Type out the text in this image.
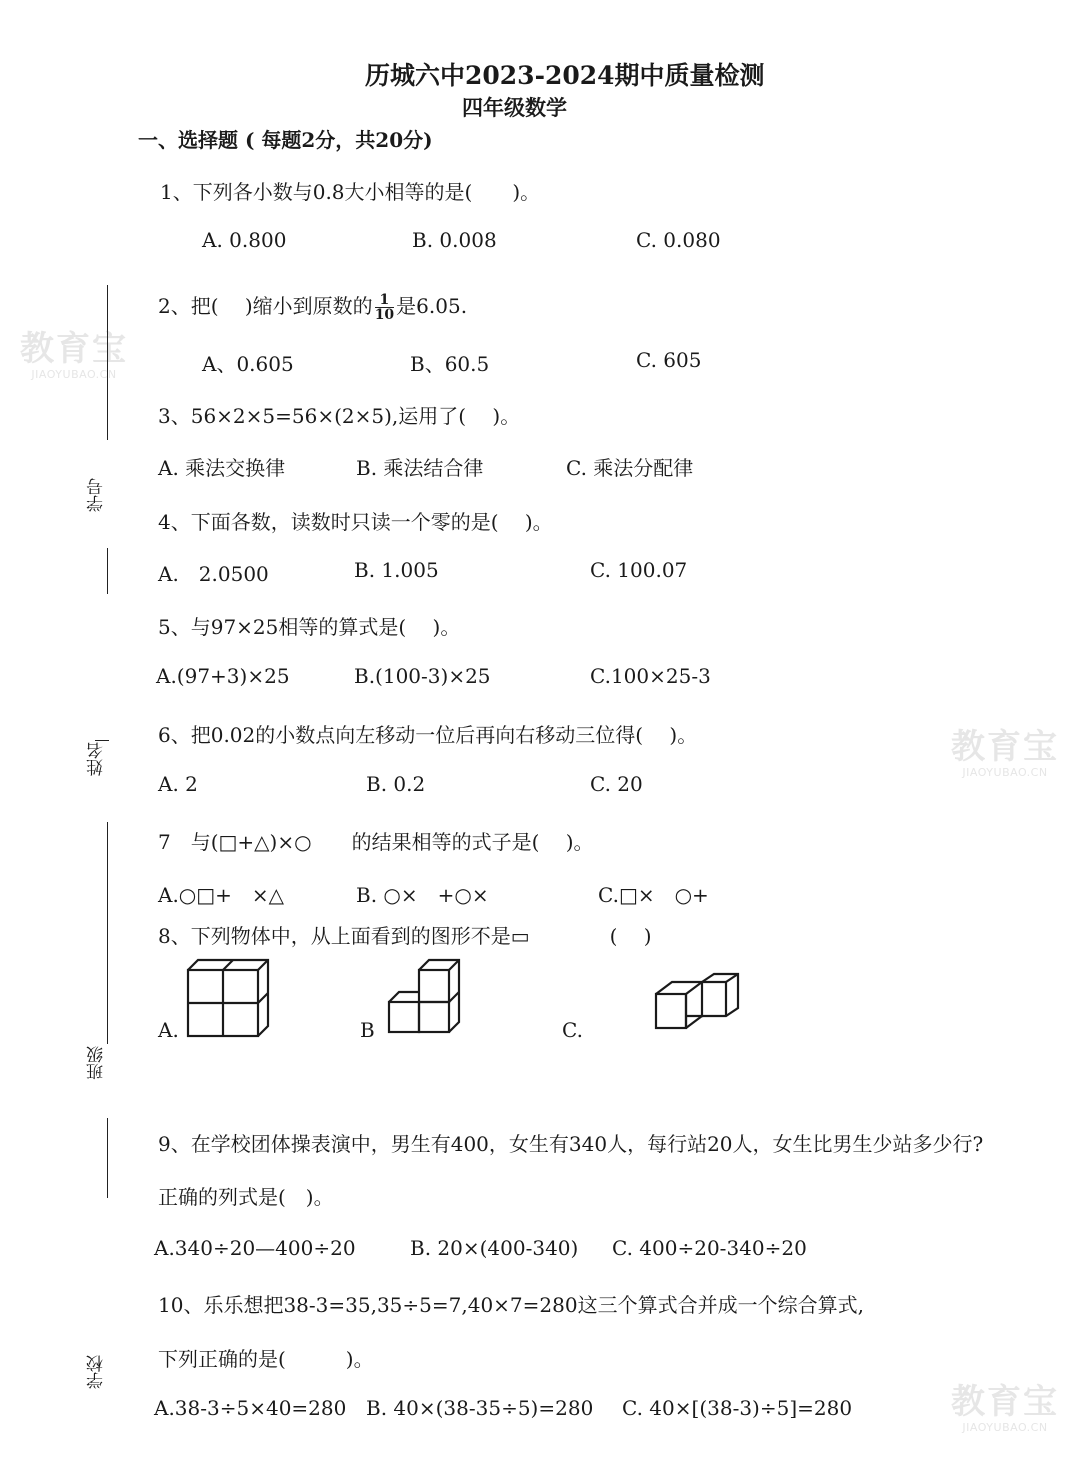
教育宝
JIAOYUBAO.CN
教育宝
JIAOYUBAO.CN
教育宝
JIAOYUBAO.CN
学号
姓名
班级
学校
历城六中2023-2024期中质量检测
四年级数学
一、选择题 ( 每题2分，共20分)
1、下列各小数与0.8大小相等的是(　　)。
A. 0.800	B. 0.008	C. 0.080
2、把(　 )缩小到原数的 $\frac{1}{10}$ 是6.05.
A、0.605	B、60.5	C. 605
3、56×2×5=56×(2×5),运用了(　 )。
A. 乘法交换律	B. 乘法结合律	C. 乘法分配律
4、下面各数，读数时只读一个零的是(　 )。
A.　2.0500	B. 1.005	C. 100.07
5、与97×25相等的算式是(　 )。
A.(97+3)×25	B.(100-3)×25	C.100×25-3
6、把0.02的小数点向左移动一位后再向右移动三位得(　 )。
A. 2	B. 0.2	C. 20
7　与(□+△)×○　　的结果相等的式子是(　 )。
A.○□+　×△	B. ○×　+○×	C.□×　○+
8、下列物体中，从上面看到的图形不是▭　　　　(　 )
A.	B	C.
9、在学校团体操表演中，男生有400，女生有340人，每行站20人，女生比男生少站多少行?
正确的列式是(　)。
A.340÷20—400÷20	B. 20×(400-340) C. 400÷20-340÷20
10、乐乐想把38-3=35,35÷5=7,40×7=280这三个算式合并成一个综合算式,
下列正确的是(　　　)。
A.38-3÷5×40=280 B. 40×(38-35÷5)=280 C. 40×[(38-3)÷5]=280
